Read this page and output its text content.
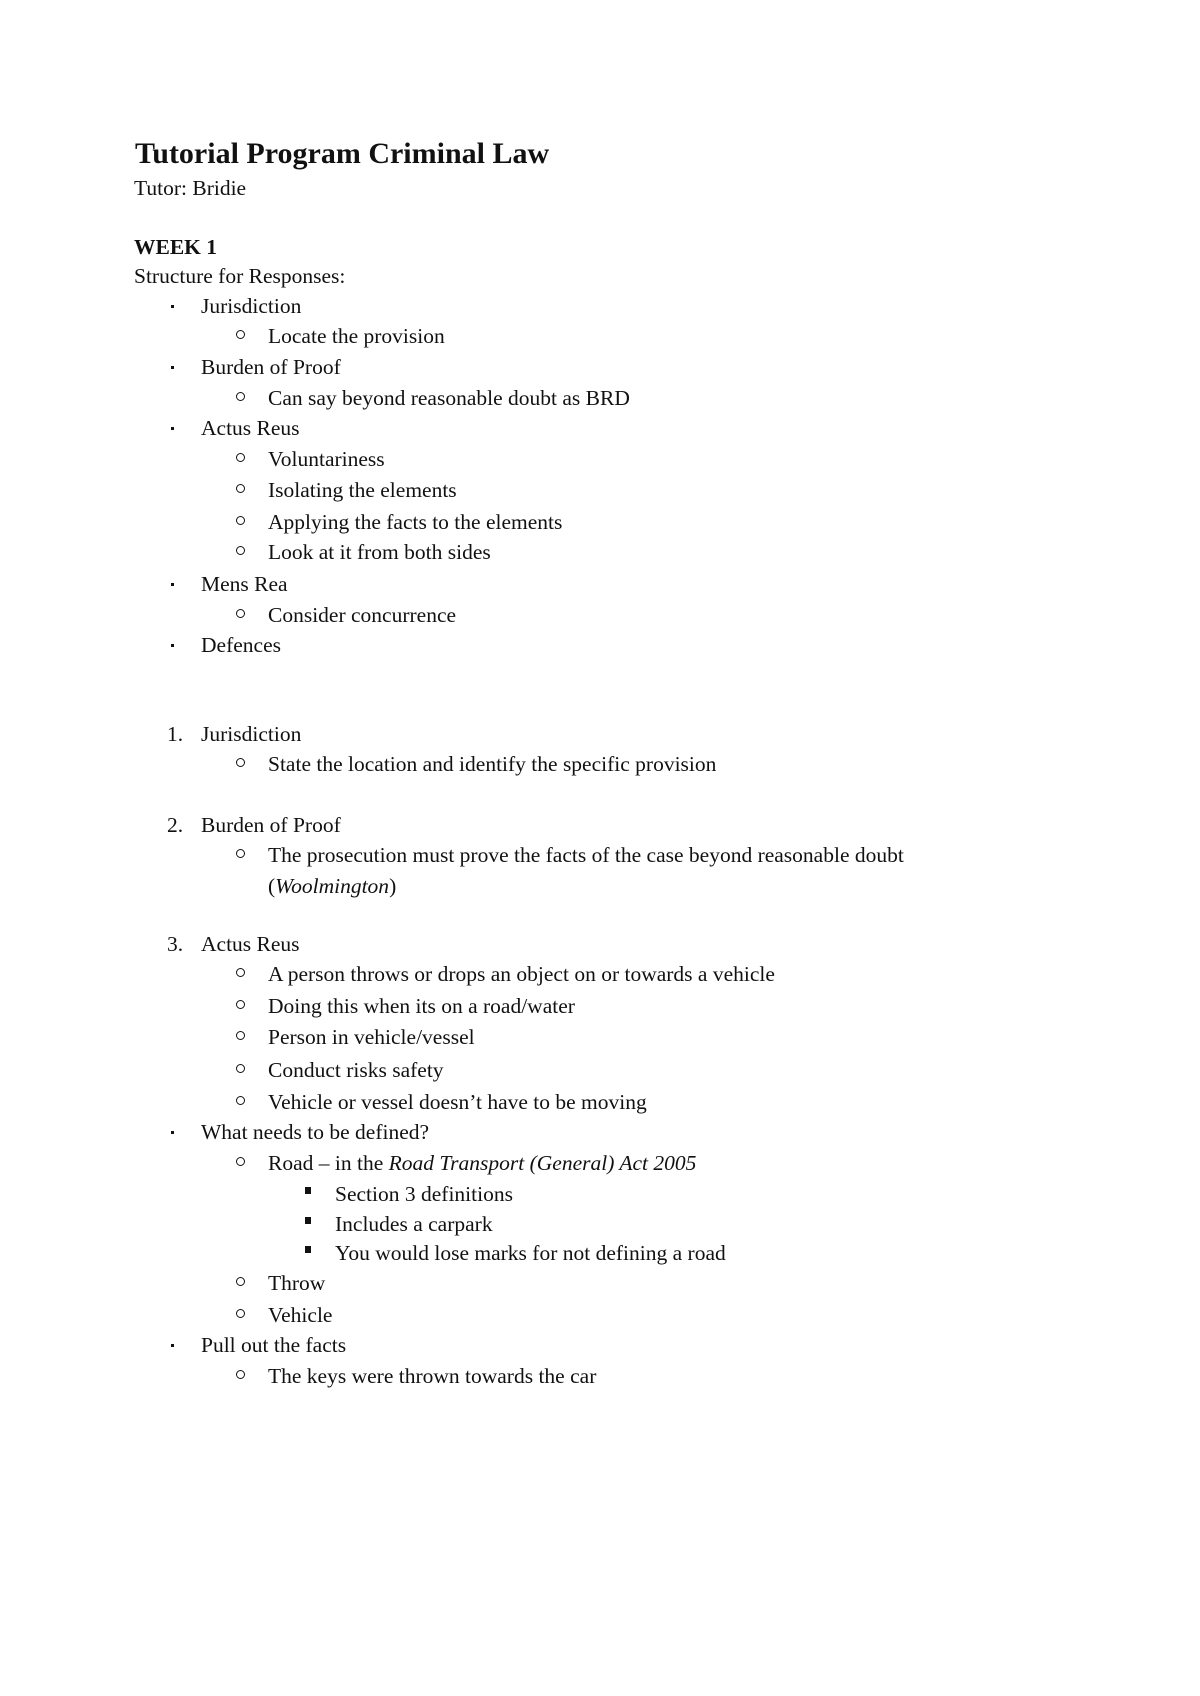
Tutorial Program Criminal Law
Tutor: Bridie
WEEK 1
Structure for Responses:
Jurisdiction
Locate the provision
Burden of Proof
Can say beyond reasonable doubt as BRD
Actus Reus
Voluntariness
Isolating the elements
Applying the facts to the elements
Look at it from both sides
Mens Rea
Consider concurrence
Defences
1. Jurisdiction
State the location and identify the specific provision
2. Burden of Proof
The prosecution must prove the facts of the case beyond reasonable doubt
(Woolmington)
3. Actus Reus
A person throws or drops an object on or towards a vehicle
Doing this when its on a road/water
Person in vehicle/vessel
Conduct risks safety
Vehicle or vessel doesn’t have to be moving
What needs to be defined?
Road – in the Road Transport (General) Act 2005
Section 3 definitions
Includes a carpark
You would lose marks for not defining a road
Throw
Vehicle
Pull out the facts
The keys were thrown towards the car
